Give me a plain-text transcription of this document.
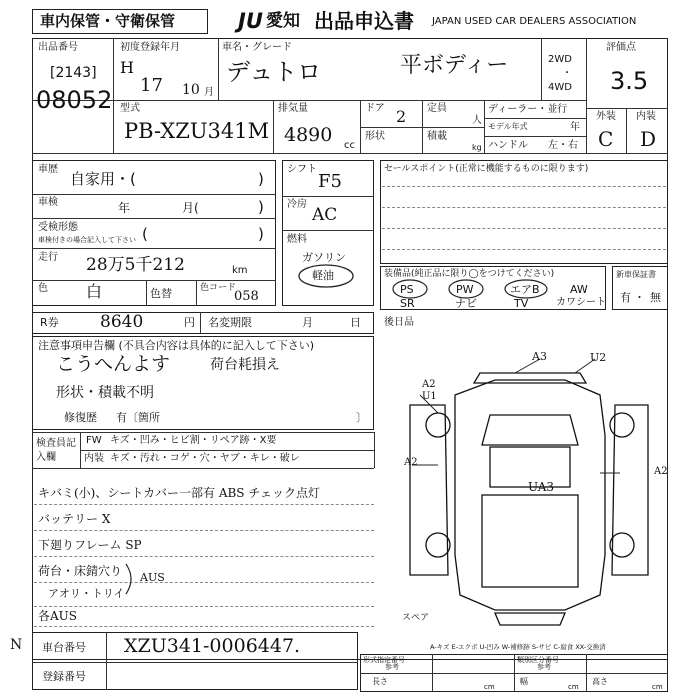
車内保管・守衛保管	JU 愛知 出品申込書 JAPAN USED CAR DEALERS ASSOCIATION
出品番号
[2143]
08052
初度登録年月
H
17 10 月
車名・グレード
デュトロ	平ボディー	2WD
・
4WD
評価点
3.5
外装 内装
C D
型式
PB-XZU341M
排気量
4890 cc
ドア 2 定員
人
形状	積載
kg
ディーラー・並行
モデル年式	年
ハンドル 左・右
車歴
自家用・(	)
車検	年	月(	)
受検形態
車検付きの場合記入して下さい (	)
走行 28万5千212	km
色 白	色替	色コード
058
シフト
F5
冷房
AC
燃料
ガソリン
軽油
セールスポイント(正常に機能するものに限ります)
装備品(純正品に限り◯をつけてください)
PS	PW	エアB	AW
SR	ナビ	TV	カワシート
新車保証書
有 ・ 無
R券 8640	円 名変期限	月	日
注意事項申告欄 (不具合内容は具体的に記入して下さい)
こうへんよす	荷台耗損え
形状・積載不明
修復歴 有〔箇所	〕
後日品
検査員記入欄
FW キズ・凹み・ヒビ割・リペア跡・X要
内装 キズ・汚れ・コゲ・穴・ヤブ・キレ・破レ
キバミ(小)、シートカバー一部有 ABS チェック点灯
バッテリー X
下廻りフレーム SP
荷台・床錆穴り
アオリ・トリイ
各AUS
AUS
A3	U2
A2
U1
A2
A2
UA3
スペア
A-キズ E-エクボ U-凹み W-補修跡 S-サビ C-腐食 XX-交換済
車台番号 XZU341-0006447.
登録番号
N
形式指定番号
参考
類別区分番号
参考
長さ
cm
幅
cm
高さ
cm
